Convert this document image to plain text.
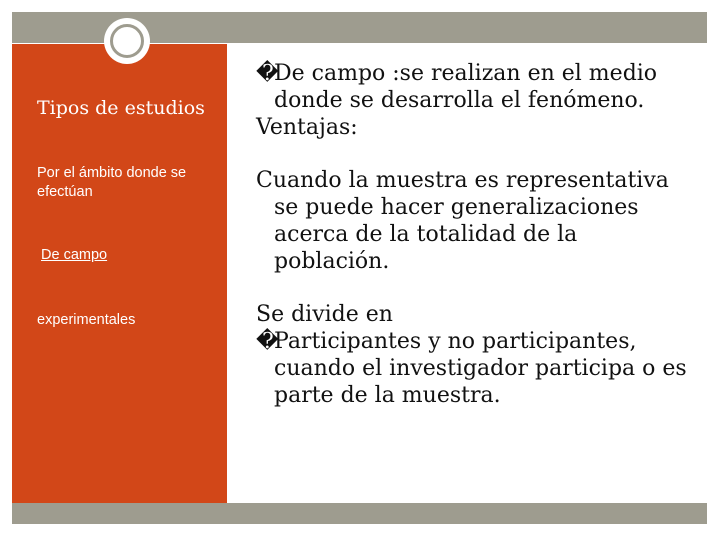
Tipos de estudios
Por el ámbito donde se efectúan
De campo
experimentales

�De campo :se realizan en el medio donde se desarrolla el fenómeno.

Ventajas:

Cuando la muestra es representativa se puede hacer generalizaciones acerca de la totalidad de la población.

Se divide en

�Participantes y no participantes, cuando el investigador participa o es parte de la muestra.
